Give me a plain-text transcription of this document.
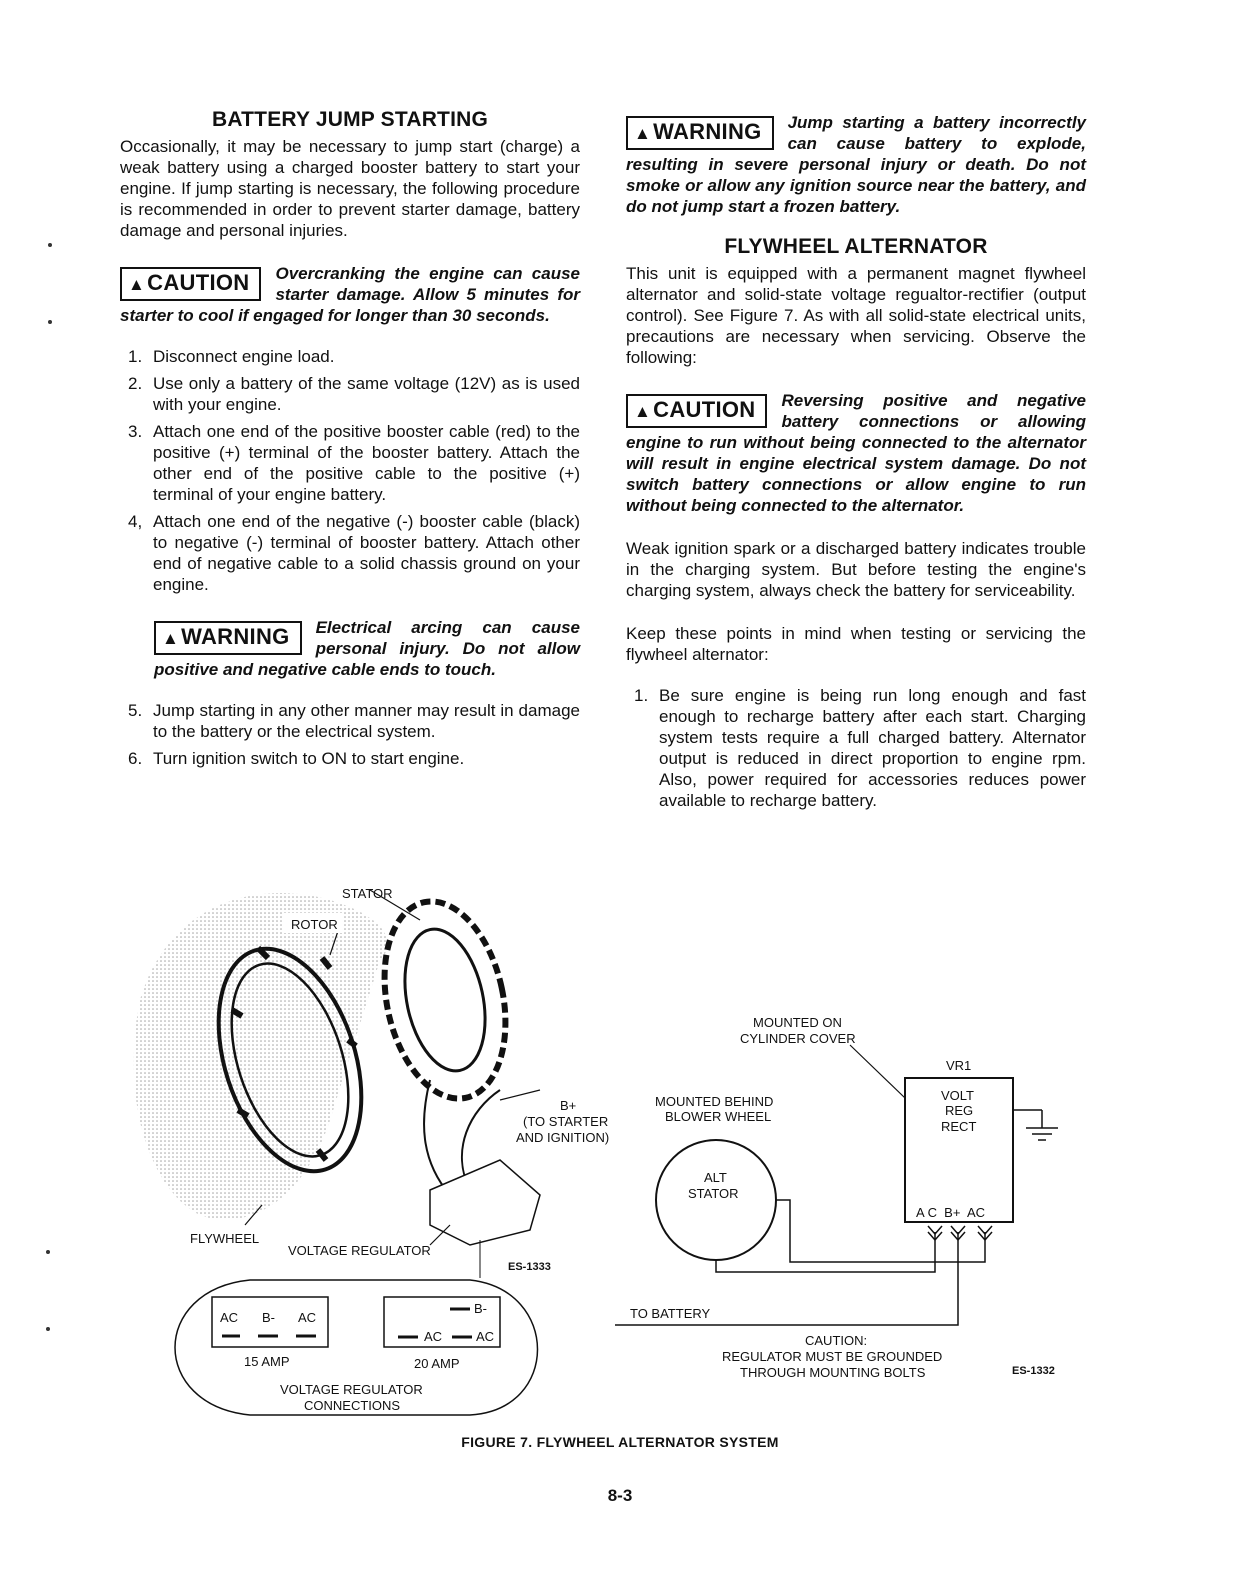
BATTERY JUMP STARTING

Occasionally, it may be necessary to jump start (charge) a weak battery using a charged booster battery to start your engine. If jump starting is necessary, the following procedure is recommended in order to prevent starter damage, battery damage and personal injuries.

▲CAUTION	Overcranking the engine can cause starter damage. Allow 5 minutes for starter to cool if engaged for longer than 30 seconds.
1. Disconnect engine load.
2. Use only a battery of the same voltage (12V) as is used with your engine.
3. Attach one end of the positive booster cable (red) to the positive (+) terminal of the booster battery. Attach the other end of the positive cable to the positive (+) terminal of your engine battery.
4, Attach one end of the negative (-) booster cable (black) to negative (-) terminal of booster battery. Attach other end of negative cable to a solid chassis ground on your engine.
▲WARNING	Electrical arcing can cause personal injury. Do not allow positive and negative cable ends to touch.
5. Jump starting in any other manner may result in damage to the battery or the electrical system.
6. Turn ignition switch to ON to start engine.
▲WARNING	Jump starting a battery incorrectly can cause battery to explode, resulting in severe personal injury or death. Do not smoke or allow any ignition source near the battery, and do not jump start a frozen battery.
FLYWHEEL ALTERNATOR

This unit is equipped with a permanent magnet flywheel alternator and solid-state voltage regualtor-rectifier (output control). See Figure 7. As with all solid-state electrical units, precautions are necessary when servicing. Observe the following:

▲CAUTION	Reversing positive and negative battery connections or allowing engine to run without being connected to the alternator will result in engine electrical system damage. Do not switch battery connections or allow engine to run without being connected to the alternator.

Weak ignition spark or a discharged battery indicates trouble in the charging system. But before testing the engine's charging system, always check the battery for serviceability.

Keep these points in mind when testing or servicing the flywheel alternator:

1. Be sure engine is being run long enough and fast enough to recharge battery after each start. Charging system tests require a full charged battery. Alternator output is reduced in direct proportion to engine rpm. Also, power required for accessories reduces power available to recharge battery.
STATOR
ROTOR
B+
(TO STARTER
AND IGNITION)
FLYWHEEL
VOLTAGE REGULATOR
ES-1333
AC B- AC
B-
AC	AC
15 AMP	20 AMP
VOLTAGE REGULATOR
CONNECTIONS
MOUNTED ON
CYLINDER COVER
VR1
VOLT
REG
RECT
MOUNTED BEHIND
BLOWER WHEEL
ALT
STATOR
A C  B+  AC
TO BATTERY
CAUTION:
REGULATOR MUST BE GROUNDED
THROUGH MOUNTING BOLTS	ES-1332
FIGURE 7. FLYWHEEL ALTERNATOR SYSTEM
8-3
